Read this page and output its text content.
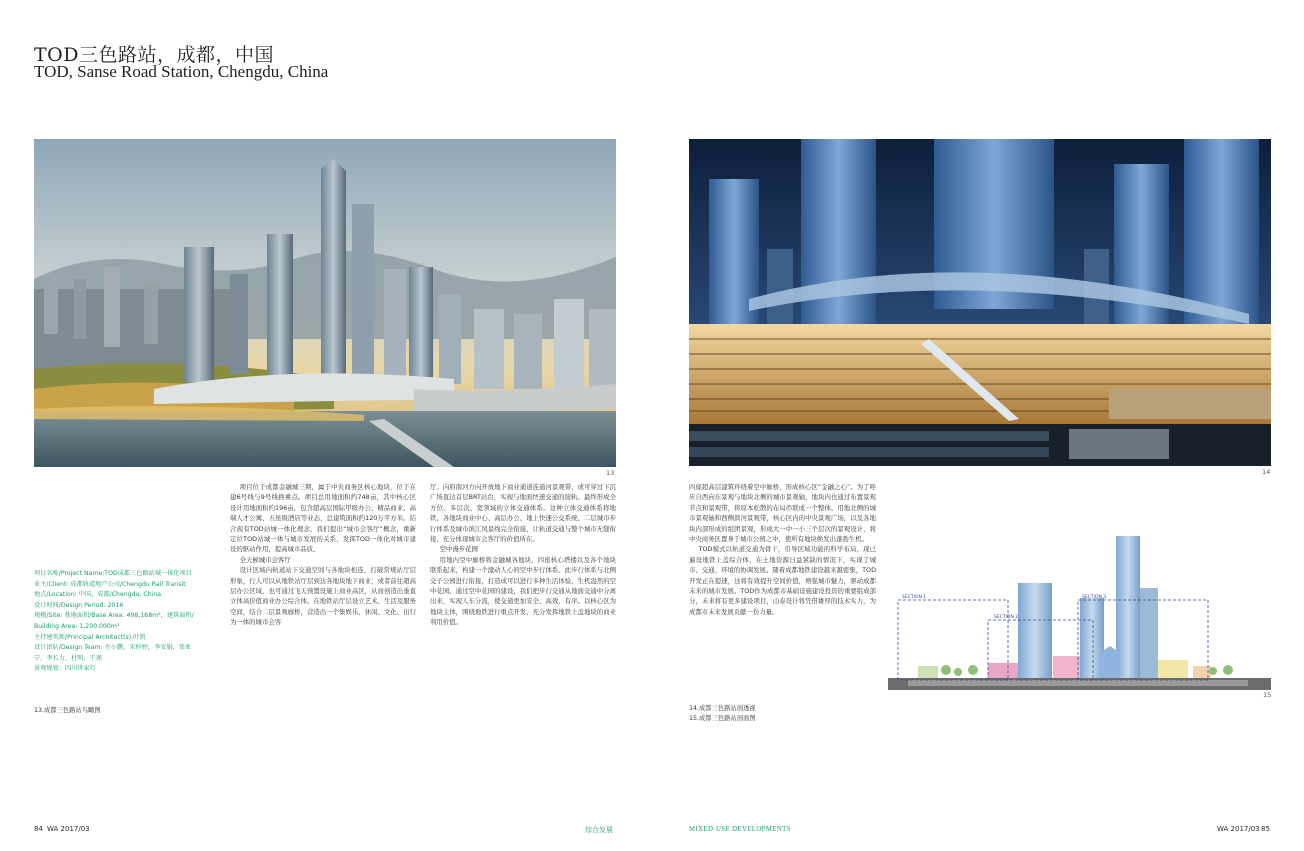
TOD三色路站，成都，中国
TOD, Sanse Road Station, Chengdu, China
13	14
项目名称/Project Name:TOD成都三色路站城一体化项目
业主/Client: 成都轨道地产公司/Chengdu Rail Transit
地点/Location: 中国，成都/Chengdu, China
设计时间/Design Period: 2016
规模/Site: 基地面积/Base Area: 498,168m²，建筑面积/
Building Area: 1,200,000m²
主持建筑师/Principal Architect(s):叶凯
设计团队/Design Team: 左小鹏，宋梓婷，李安娟，张亚
宁，李长力，杜明，王瑾
景观规划：四川世家行
13.成都三色路站鸟瞰图

项目位于成都金融城三期，属于中央商务区核心地块，位于在建6号线与9号线换乘点。项目总用地面积约748亩，其中核心区设计用地面积约196亩，包含超高层国际甲级办公、精品商业、高端人才公寓、五星级酒店等业态，总建筑面积约120万平方米。结合现有TOD站城一体化理念，我们提出“城市会客厅”概念，重新定位TOD站城一体与城市发展的关系，发挥TOD一体化对城市建设的驱动作用，提高城市品质。

全天候城市会客厅

设计区域内轨道站下交通空间与各地块相连，打破常规站厅层形象，行人可以从地铁站厅层到达各地块地下商业，或者前往超高层办公区域，也可通过飞天预置设施上商业高区，从而创造出垂直立体高价值商业办公综合体。在地铁站厅层设立艺术、生活及服务空间，结合二层景观廊桥，营造出一个集娱乐、休闲、文化、出行为一体的城市会客

厅。向府南河方向开放地下商业通道连通河景观带，或可穿过下沉广场直达首层BRT站台，实现与地面快速交通的接轨。最终形成全方位、多层次、宽领域的立体交通体系。这种立体交通体系将地铁、各地块商业中心、高层办公、地上快速公交系统、二层城市步行体系及城市滨江风景线完全衔接，让轨道交通与整个城市无缝衔接，充分体现城市会客厅的价值所在。

空中漫步花园

用地内空中廊桥将金融城各地块、四座核心塔楼以及各个地块联系起来，构建一个激动人心的空中步行体系。此步行体系与北侧交子公园进行衔接，打造成可以进行多种生活体验、生机盎然的空中花园。通过空中花园的建设，我们把步行交通从地面交通中分离出来，实现人车分流，使交通更加安全、高效、有序。以核心区为地块主体，围绕地铁进行重点开发，充分发挥地铁上盖地块的商业利用价值。

四座超高层建筑环绕着空中廊桥，形成核心区“金融之心”。为了呼应自西向东景观与地块北侧的城市景观轴，地块内也通过布置景观节点和景观带，将原本松散的布局串联成一个整体。用地北侧的城市景观轴和西侧滨河景观带，核心区内的中央景观广场，以及各地块内部形成的组团景观，形成大一中一小三个层次的景观设计，将中央商务区置身于城市公园之中，使所有地块焕发出蓬勃生机。

TOD模式以轨道交通为骨干，引导区域功能的科学布局，现已遍设地铁上盖综合体，在土地资源日益紧缺的情况下，实现了城市、交通、环境的协调发展。随着成都地铁建设越来越密集，TOD开发正在提速，这将有效提升空间价值，增强城市魅力，驱动成都未来的城市发展。TOD作为成都市基础设施建设投资的重要组成部分，未来将有更多建设项目，山泰设计将凭借雄厚的技术实力，为成都市未来发展贡献一份力量。

SECTION 1
SECTION 2
SECTION 3
15
14.成都三色路站剖透视
15.成都三色路站剖面图
84 WA 2017/03	综合发展	MIXED-USE DEVELOPMENTS	WA 2017/03 85
